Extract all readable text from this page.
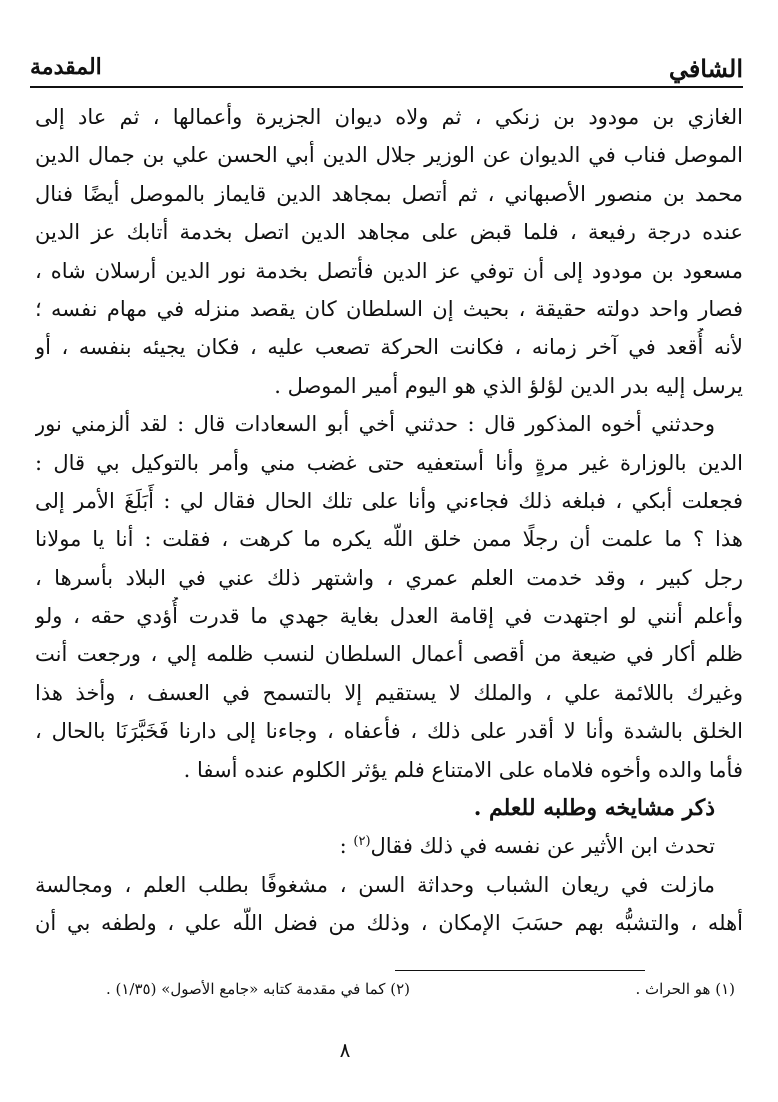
الشافي
المقدمة
الغازي بن مودود بن زنكي ، ثم ولاه ديوان الجزيرة وأعمالها ، ثم عاد إلى
الموصل فناب في الديوان عن الوزير جلال الدين أبي الحسن علي بن جمال الدين
محمد بن منصور الأصبهاني ، ثم أتصل بمجاهد الدين قايماز بالموصل أيضًا فنال
عنده درجة رفيعة ، فلما قبض على مجاهد الدين اتصل بخدمة أتابك عز الدين
مسعود بن مودود إلى أن توفي عز الدين فأتصل بخدمة نور الدين أرسلان شاه ،
فصار واحد دولته حقيقة ، بحيث إن السلطان كان يقصد منزله في مهام نفسه ؛
لأنه أُقعد في آخر زمانه ، فكانت الحركة تصعب عليه ، فكان يجيئه بنفسه ، أو
يرسل إليه بدر الدين لؤلؤ الذي هو اليوم أمير الموصل .
وحدثني أخوه المذكور قال : حدثني أخي أبو السعادات قال : لقد ألزمني نور
الدين بالوزارة غير مرةٍ وأنا أستعفيه حتى غضب مني وأمر بالتوكيل بي قال :
فجعلت أبكي ، فبلغه ذلك فجاءني وأنا على تلك الحال فقال لي : أَبَلَغَ الأمر إلى
هذا ؟ ما علمت أن رجلًا ممن خلق اللّه يكره ما كرهت ، فقلت : أنا يا مولانا
رجل كبير ، وقد خدمت العلم عمري ، واشتهر ذلك عني في البلاد بأسرها ،
وأعلم أنني لو اجتهدت في إقامة العدل بغاية جهدي ما قدرت أُؤدي حقه ، ولو
ظلم أكار في ضيعة من أقصى أعمال السلطان لنسب ظلمه إلي ، ورجعت أنت
وغيرك باللائمة علي ، والملك لا يستقيم إلا بالتسمح في العسف ، وأخذ هذا
الخلق بالشدة وأنا لا أقدر على ذلك ، فأعفاه ، وجاءنا إلى دارنا فَخَبَّرَنَا بالحال ،
فأما والده وأخوه فلاماه على الامتناع فلم يؤثر الكلوم عنده أسفا .
ذكر مشايخه وطلبه للعلم .
تحدث ابن الأثير عن نفسه في ذلك فقال$^{(٢)}$ :
مازلت في ريعان الشباب وحداثة السن ، مشغوفًا بطلب العلم ، ومجالسة
أهله ، والتشبُّه بهم حسَبَ الإمكان ، وذلك من فضل اللّه علي ، ولطفه بي أن
(١) هو الحراث .
(٢) كما في مقدمة كتابه «جامع الأصول» (١/٣٥) .
٨
